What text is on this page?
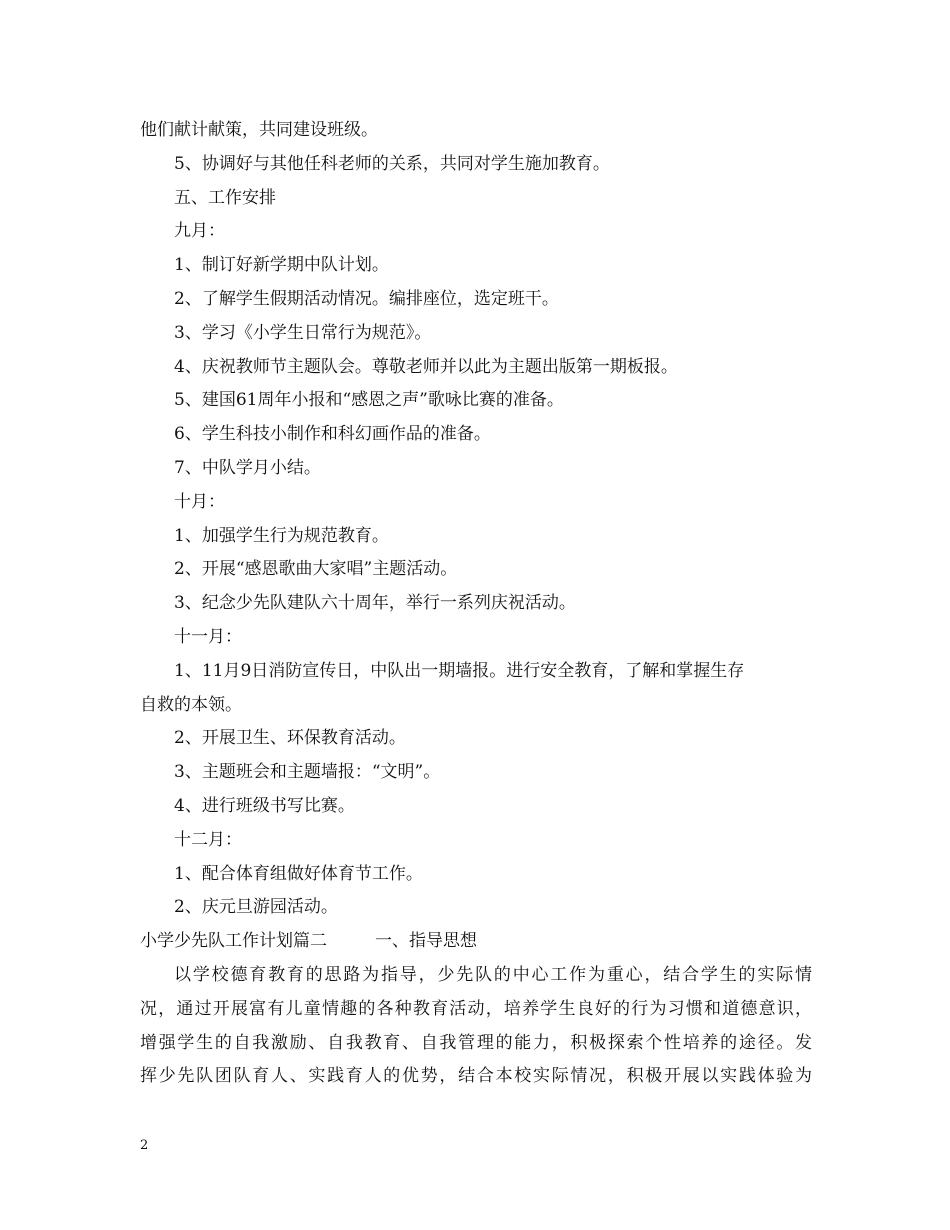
他们献计献策，共同建设班级。
5、协调好与其他任科老师的关系，共同对学生施加教育。
五、工作安排
九月：
1、制订好新学期中队计划。
2、了解学生假期活动情况。编排座位，选定班干。
3、学习《小学生日常行为规范》。
4、庆祝教师节主题队会。尊敬老师并以此为主题出版第一期板报。
5、建国61周年小报和“感恩之声”歌咏比赛的准备。
6、学生科技小制作和科幻画作品的准备。
7、中队学月小结。
十月：
1、加强学生行为规范教育。
2、开展“感恩歌曲大家唱”主题活动。
3、纪念少先队建队六十周年，举行一系列庆祝活动。
十一月：
1、11月9日消防宣传日，中队出一期墙报。进行安全教育，了解和掌握生存
自救的本领。
2、开展卫生、环保教育活动。
3、主题班会和主题墙报：“文明”。
4、进行班级书写比赛。
十二月：
1、配合体育组做好体育节工作。
2、庆元旦游园活动。
小学少先队工作计划篇二	一、指导思想
以学校德育教育的思路为指导，少先队的中心工作为重心，结合学生的实际情
况，通过开展富有儿童情趣的各种教育活动，培养学生良好的行为习惯和道德意识，
增强学生的自我激励、自我教育、自我管理的能力，积极探索个性培养的途径。发
挥少先队团队育人、实践育人的优势，结合本校实际情况，积极开展以实践体验为
2
